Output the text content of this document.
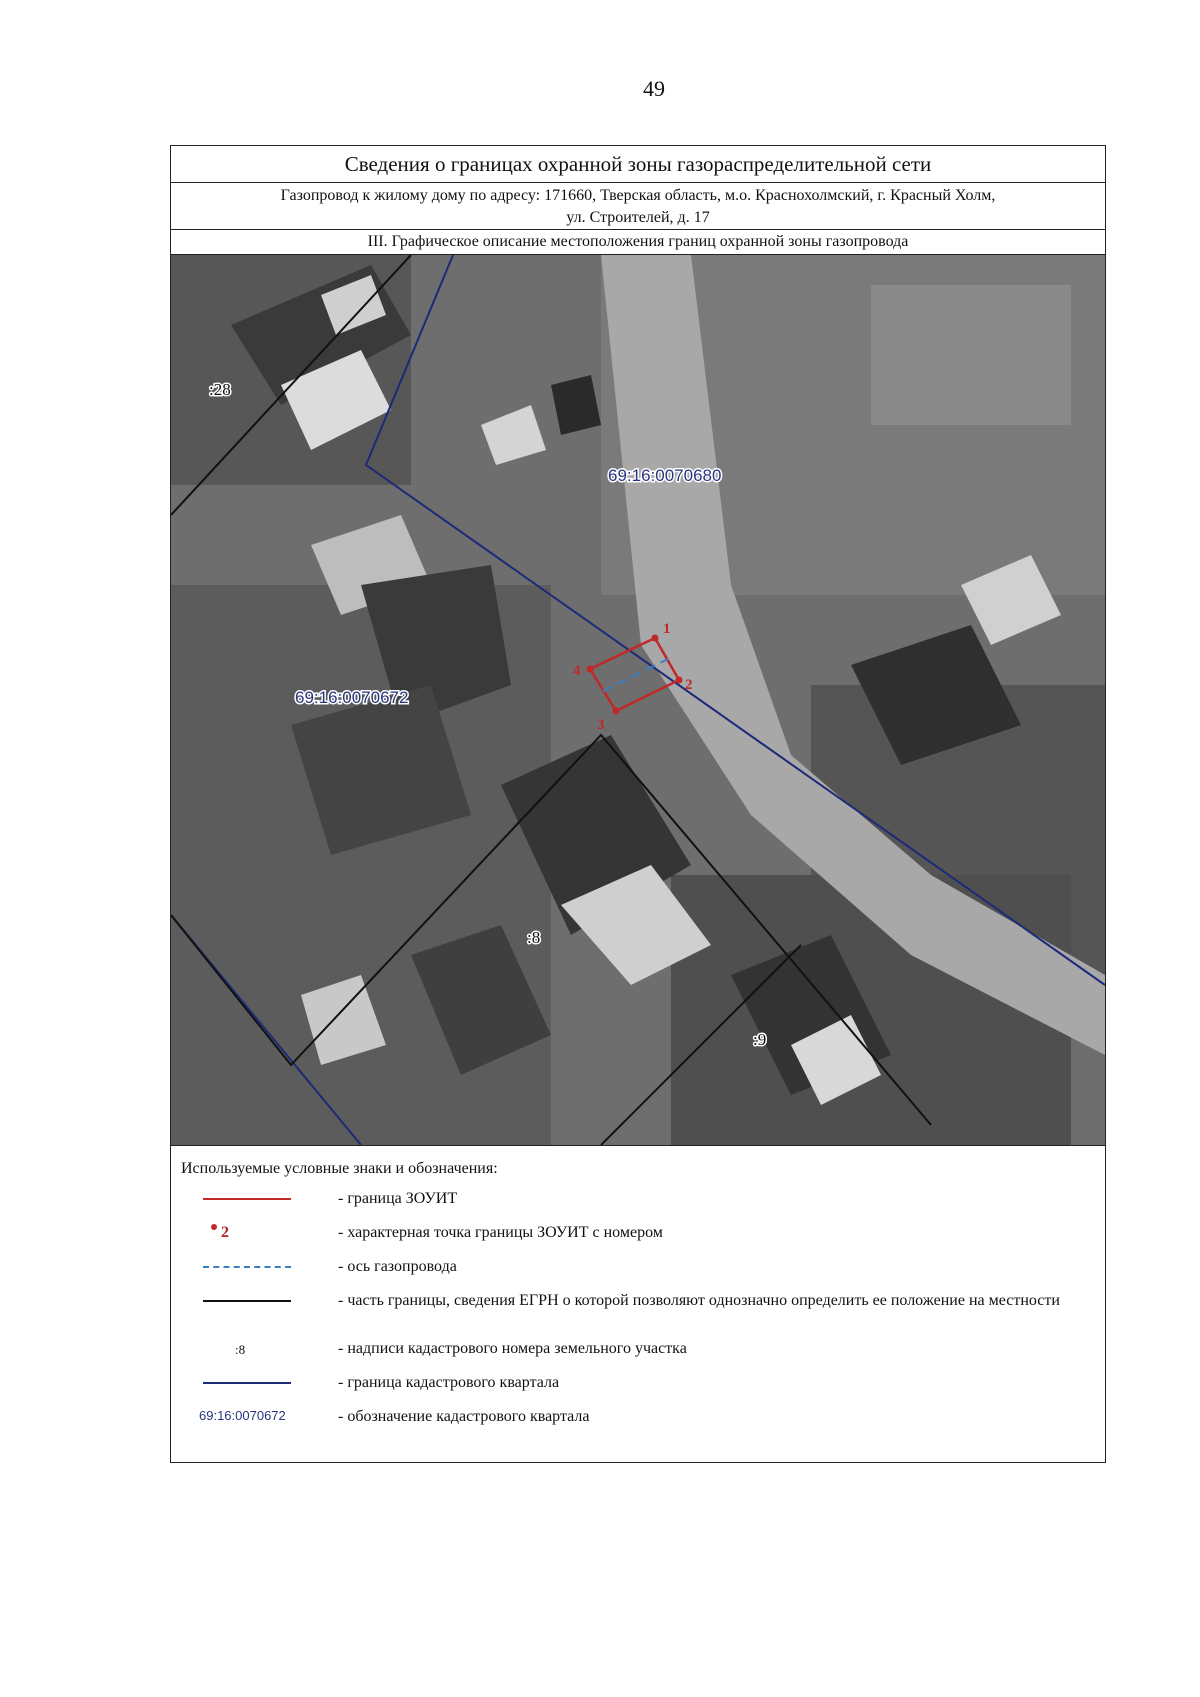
49
Сведения о границах охранной зоны газораспределительной сети
Газопровод к жилому дому по адресу: 171660, Тверская область, м.о. Краснохолмский, г. Красный Холм,
ул. Строителей, д. 17
III. Графическое описание местоположения границ охранной зоны газопровода
1
2
3
4
69:16:0070680
69:16:0070672
:28
:8
:9
Используемые условные знаки и обозначения:
- граница ЗОУИТ
2	- характерная точка границы ЗОУИТ с номером
- ось газопровода
- часть границы, сведения ЕГРН о которой позволяют однозначно определить ее положение на местности
:8	- надписи кадастрового номера земельного участка
- граница кадастрового квартала
69:16:0070672	- обозначение кадастрового квартала
